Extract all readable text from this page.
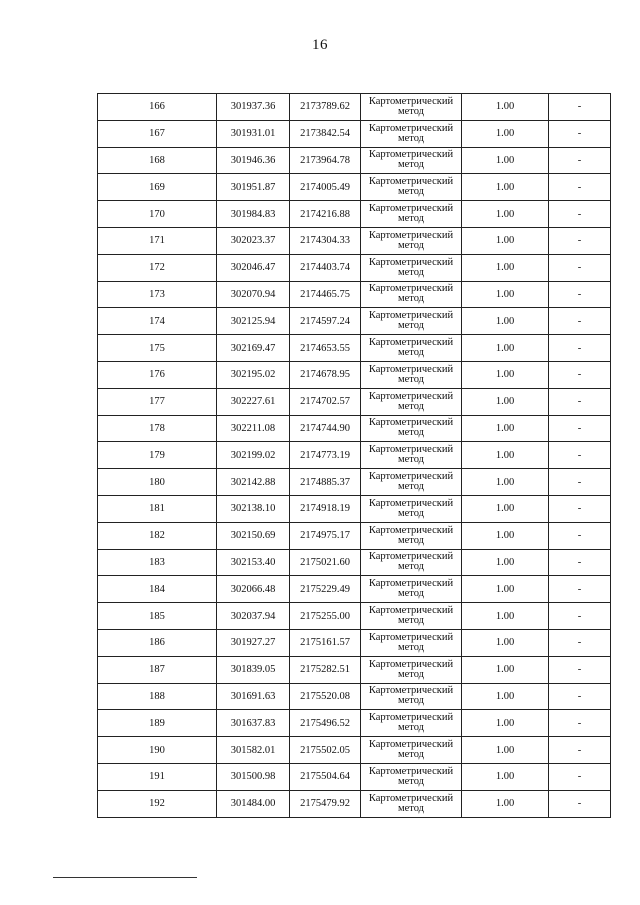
16
166	301937.36	2173789.62	Картометрический метод	1.00	-
167	301931.01	2173842.54	Картометрический метод	1.00	-
168	301946.36	2173964.78	Картометрический метод	1.00	-
169	301951.87	2174005.49	Картометрический метод	1.00	-
170	301984.83	2174216.88	Картометрический метод	1.00	-
171	302023.37	2174304.33	Картометрический метод	1.00	-
172	302046.47	2174403.74	Картометрический метод	1.00	-
173	302070.94	2174465.75	Картометрический метод	1.00	-
174	302125.94	2174597.24	Картометрический метод	1.00	-
175	302169.47	2174653.55	Картометрический метод	1.00	-
176	302195.02	2174678.95	Картометрический метод	1.00	-
177	302227.61	2174702.57	Картометрический метод	1.00	-
178	302211.08	2174744.90	Картометрический метод	1.00	-
179	302199.02	2174773.19	Картометрический метод	1.00	-
180	302142.88	2174885.37	Картометрический метод	1.00	-
181	302138.10	2174918.19	Картометрический метод	1.00	-
182	302150.69	2174975.17	Картометрический метод	1.00	-
183	302153.40	2175021.60	Картометрический метод	1.00	-
184	302066.48	2175229.49	Картометрический метод	1.00	-
185	302037.94	2175255.00	Картометрический метод	1.00	-
186	301927.27	2175161.57	Картометрический метод	1.00	-
187	301839.05	2175282.51	Картометрический метод	1.00	-
188	301691.63	2175520.08	Картометрический метод	1.00	-
189	301637.83	2175496.52	Картометрический метод	1.00	-
190	301582.01	2175502.05	Картометрический метод	1.00	-
191	301500.98	2175504.64	Картометрический метод	1.00	-
192	301484.00	2175479.92	Картометрический метод	1.00	-
